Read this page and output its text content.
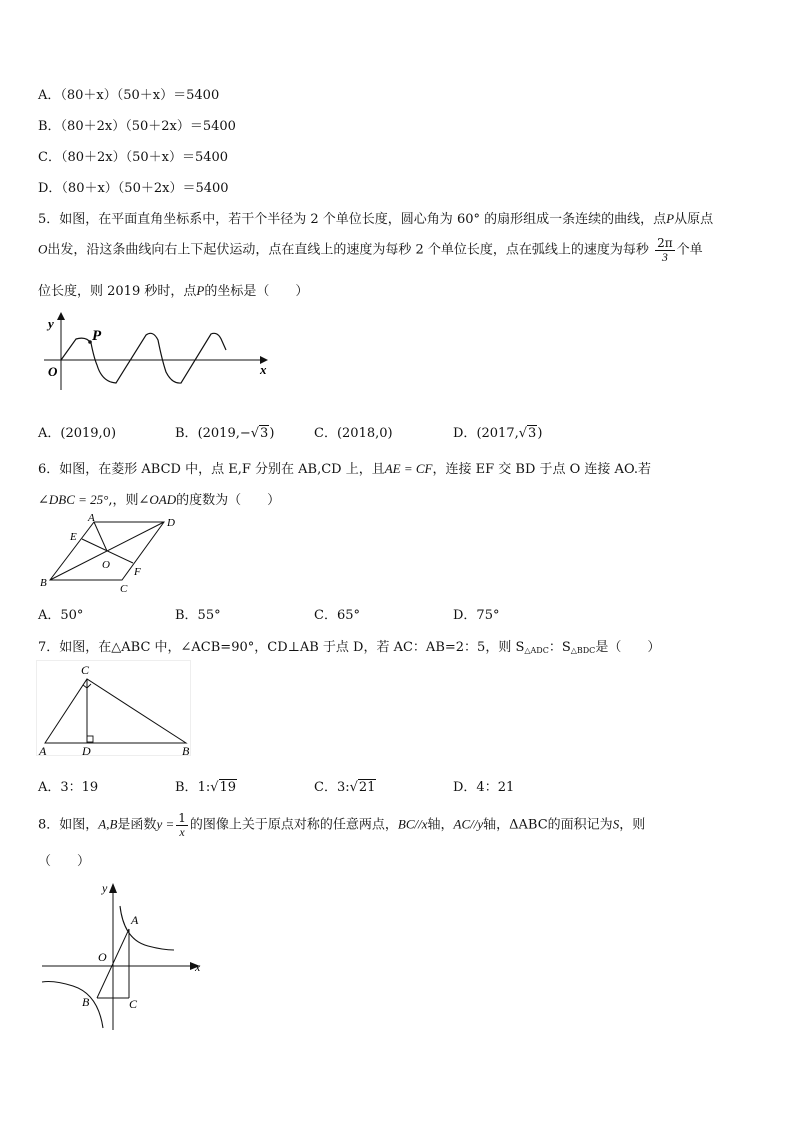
A．（80＋x）（50＋x）＝5400
B．（80＋2x）（50＋2x）＝5400
C．（80＋2x）（50＋x）＝5400
D．（80＋x）（50＋2x）＝5400
5．如图，在平面直角坐标系中，若干个半径为 2 个单位长度，圆心角为 60° 的扇形组成一条连续的曲线，点P从原点
O出发，沿这条曲线向右上下起伏运动，点在直线上的速度为每秒 2 个单位长度，点在弧线上的速度为每秒 $\frac{2\pi}{3}$ 个单
位长度，则 2019 秒时，点P的坐标是（　　）
P
y
x
O
A．(2019,0)	B．(2019,−√3)	C．(2018,0)	D．(2017,√3)
6．如图，在菱形 ABCD 中，点 E,F 分别在 AB,CD 上，且AE = CF，连接 EF 交 BD 于点 O 连接 AO.若
∠DBC = 25°,，则∠OAD的度数为（　　）
A	D
B	C
E
F
O
A．50°	B．55°	C．65°	D．75°
7．如图，在△ABC 中，∠ACB=90°，CD⊥AB 于点 D，若 AC：AB=2：5，则 $S_{\triangle ADC}$：$S_{\triangle BDC}$是（　　）
C
A	D	B
A．3：19	B．1:√19	C．3:√21	D．4：21
8．如图，A,B是函数$y = \frac{1}{x}$ 的图像上关于原点对称的任意两点，BC//x轴，AC//y轴，ΔABC的面积记为S，则
（　　）
y
x
O
A
B	C
